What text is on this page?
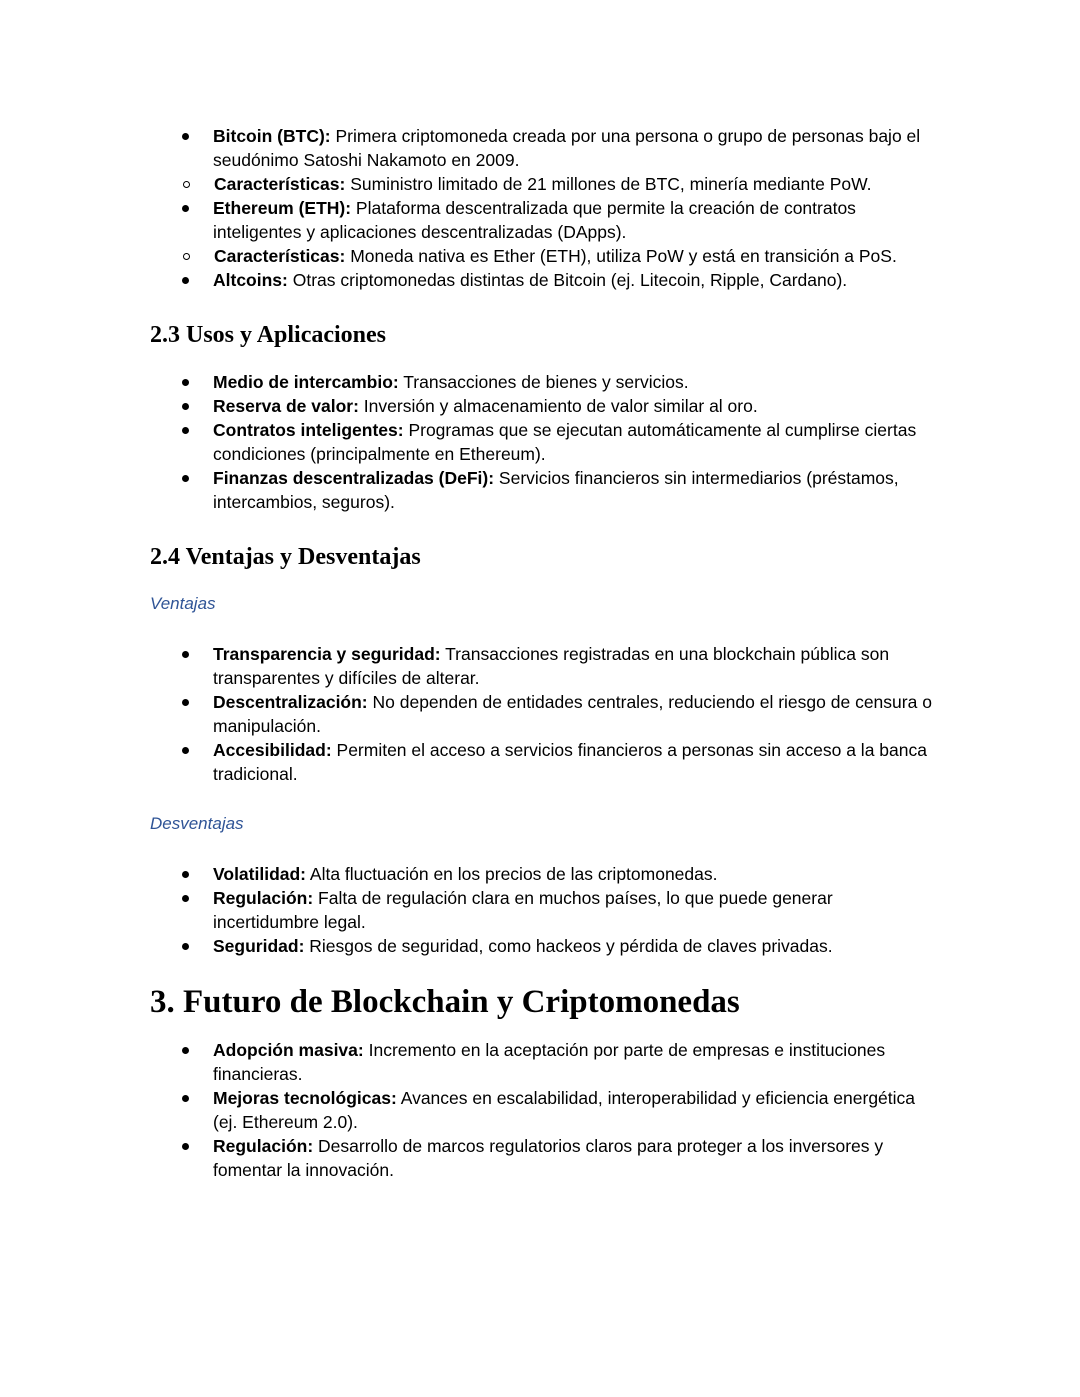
Bitcoin (BTC): Primera criptomoneda creada por una persona o grupo de personas bajo el seudónimo Satoshi Nakamoto en 2009.
Características: Suministro limitado de 21 millones de BTC, minería mediante PoW.
Ethereum (ETH): Plataforma descentralizada que permite la creación de contratos inteligentes y aplicaciones descentralizadas (DApps).
Características: Moneda nativa es Ether (ETH), utiliza PoW y está en transición a PoS.
Altcoins: Otras criptomonedas distintas de Bitcoin (ej. Litecoin, Ripple, Cardano).
2.3 Usos y Aplicaciones
Medio de intercambio: Transacciones de bienes y servicios.
Reserva de valor: Inversión y almacenamiento de valor similar al oro.
Contratos inteligentes: Programas que se ejecutan automáticamente al cumplirse ciertas condiciones (principalmente en Ethereum).
Finanzas descentralizadas (DeFi): Servicios financieros sin intermediarios (préstamos, intercambios, seguros).
2.4 Ventajas y Desventajas
Ventajas
Transparencia y seguridad: Transacciones registradas en una blockchain pública son transparentes y difíciles de alterar.
Descentralización: No dependen de entidades centrales, reduciendo el riesgo de censura o manipulación.
Accesibilidad: Permiten el acceso a servicios financieros a personas sin acceso a la banca tradicional.
Desventajas
Volatilidad: Alta fluctuación en los precios de las criptomonedas.
Regulación: Falta de regulación clara en muchos países, lo que puede generar incertidumbre legal.
Seguridad: Riesgos de seguridad, como hackeos y pérdida de claves privadas.
3. Futuro de Blockchain y Criptomonedas
Adopción masiva: Incremento en la aceptación por parte de empresas e instituciones financieras.
Mejoras tecnológicas: Avances en escalabilidad, interoperabilidad y eficiencia energética (ej. Ethereum 2.0).
Regulación: Desarrollo de marcos regulatorios claros para proteger a los inversores y fomentar la innovación.
